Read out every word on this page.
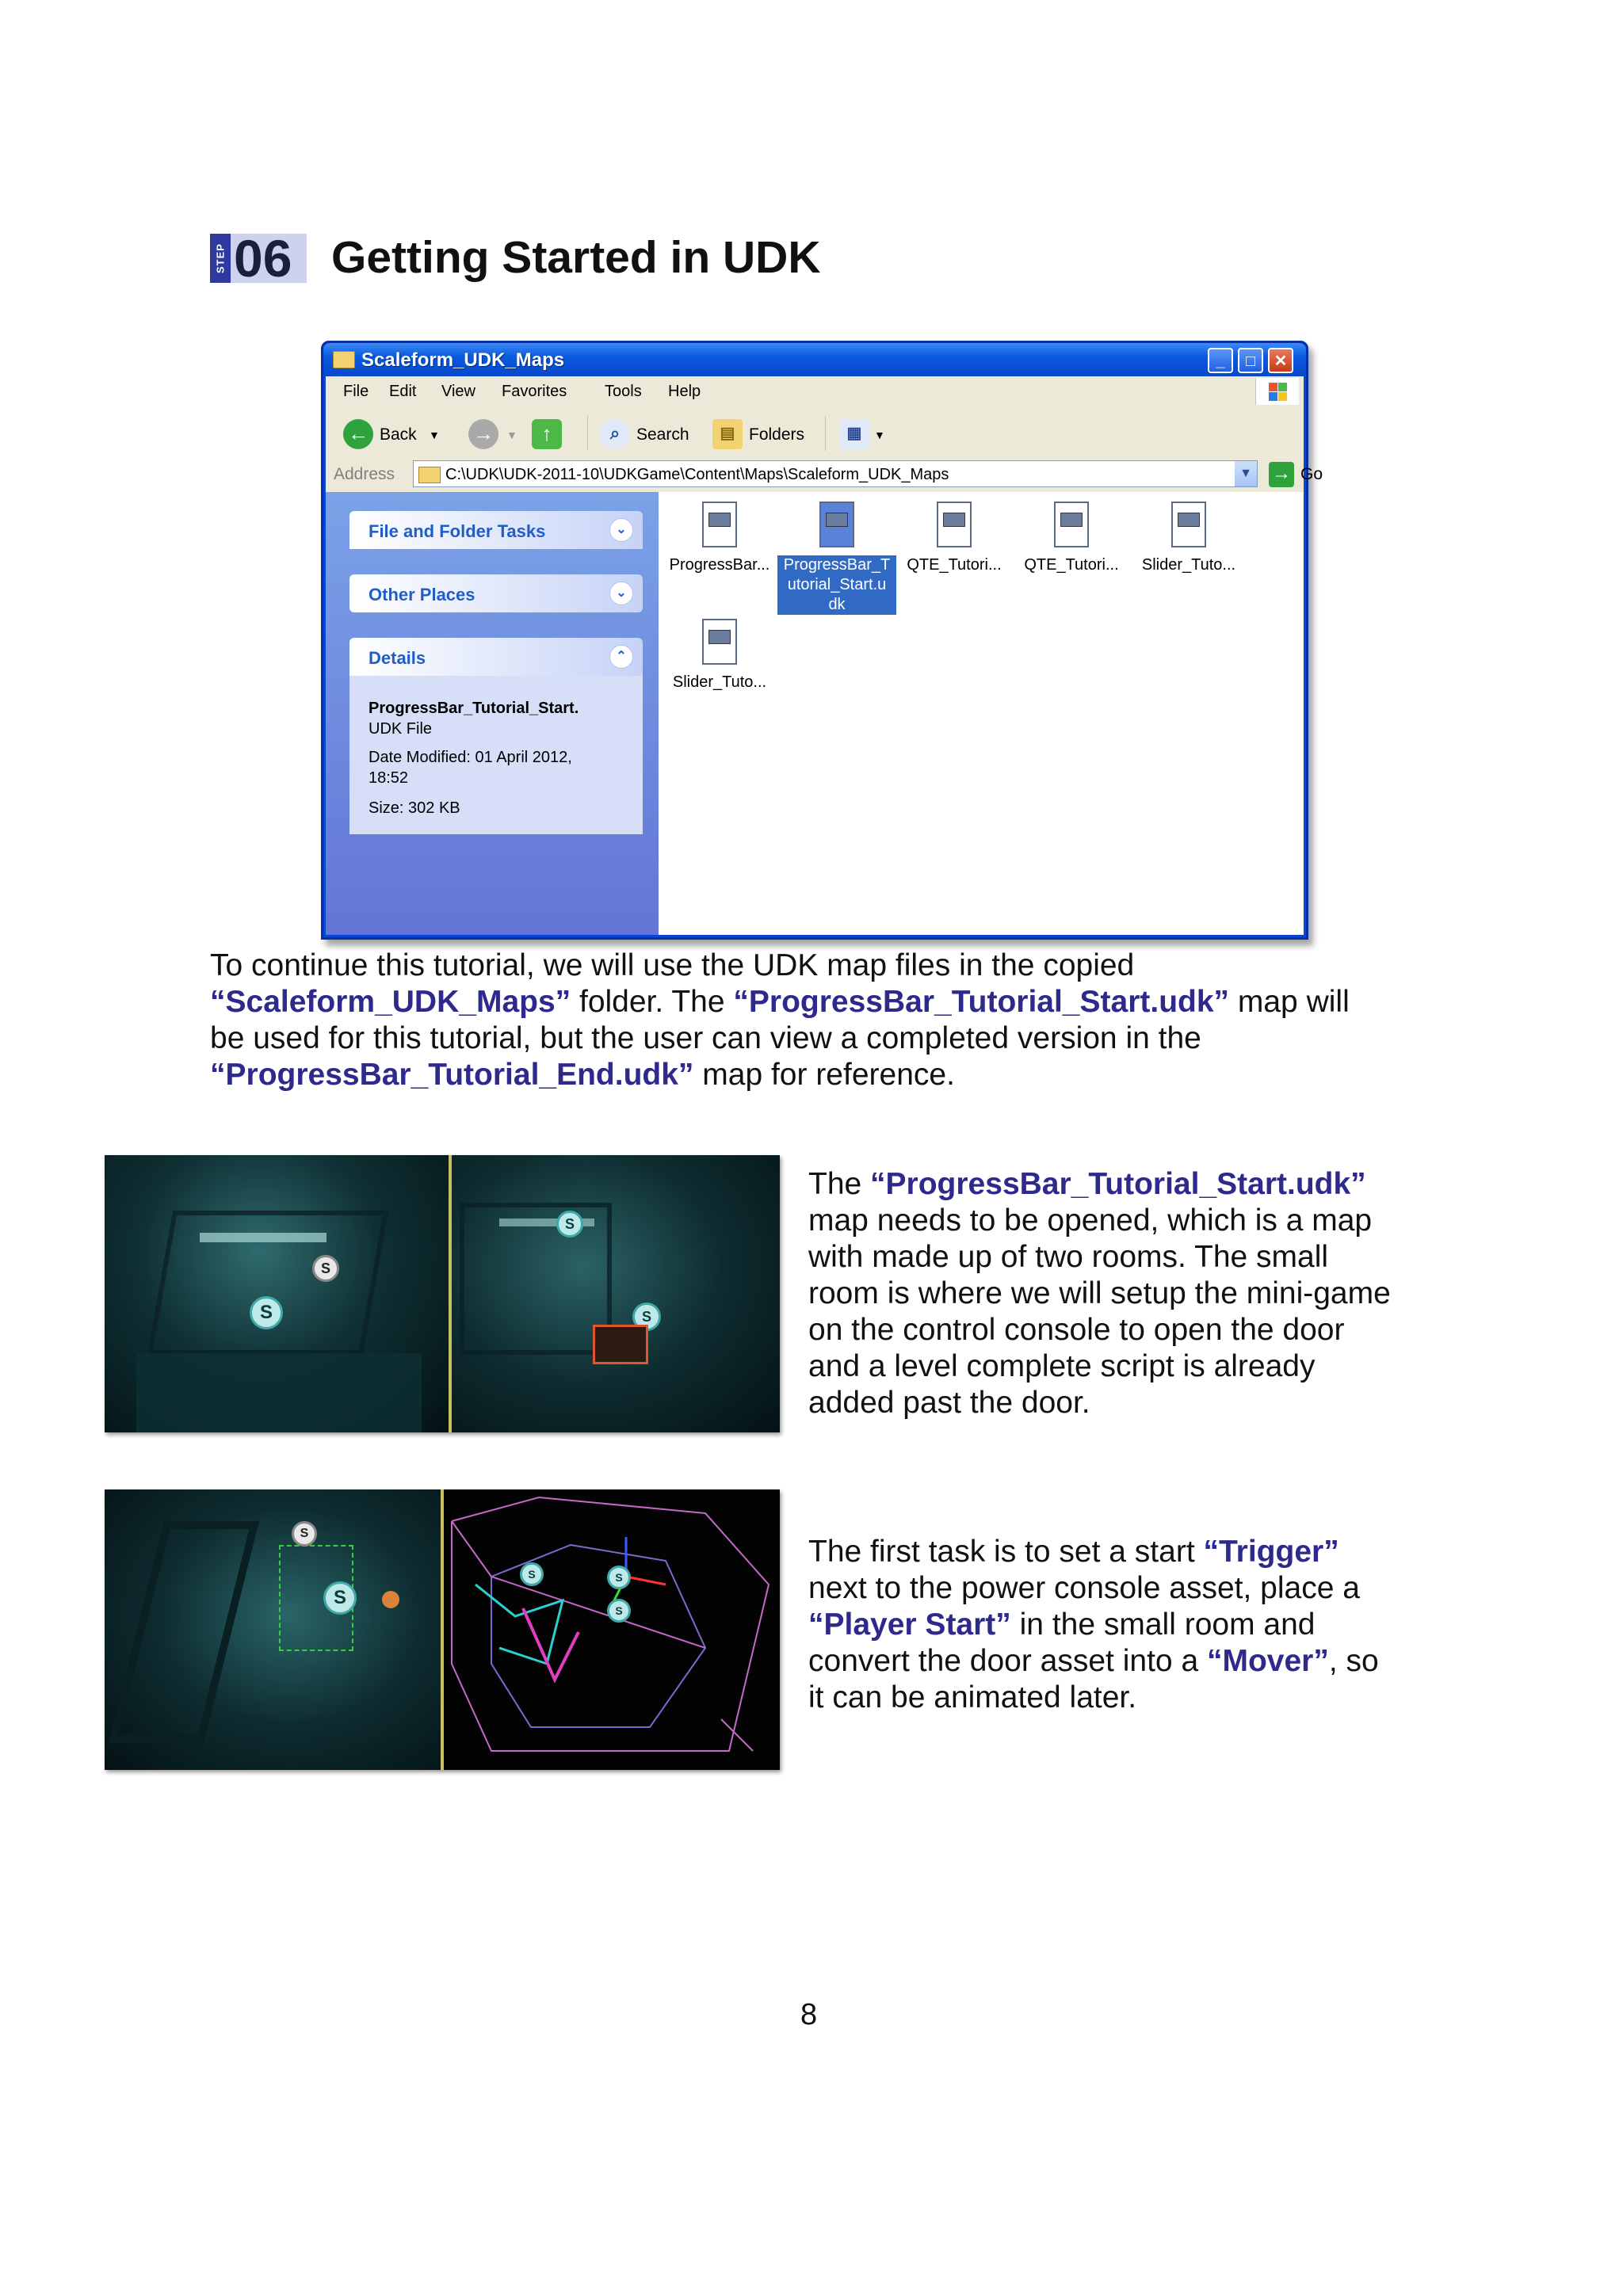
STEP 06 Getting Started in UDK
Scaleform_UDK_Maps	_	□	✕
File Edit View Favorites Tools Help
← Back ▼ →	▼	↑	⌕ Search	▤ Folders	▦	▼
Address	C:\UDK\UDK-2011-10\UDKGame\Content\Maps\Scaleform_UDK_Maps	▼ → Go
File and Folder Tasks	⌄
Other Places	⌄
Details	⌃
ProgressBar_Tutorial_Start.
UDK File
Date Modified: 01 April 2012,
18:52
Size: 302 KB
ProgressBar... ProgressBar_T
utorial_Start.u
dk
QTE_Tutori...	QTE_Tutori...	Slider_Tuto...
Slider_Tuto...
To continue this tutorial, we will use the UDK map files in the copied
“Scaleform_UDK_Maps” folder. The “ProgressBar_Tutorial_Start.udk” map will
be used for this tutorial, but the user can view a completed version in the
“ProgressBar_Tutorial_End.udk” map for reference.
S
S
S
S
The “ProgressBar_Tutorial_Start.udk”
map needs to be opened, which is a map
with made up of two rooms. The small
room is where we will setup the mini-game
on the control console to open the door
and a level complete script is already
added past the door.
S
S
S	S
S
The first task is to set a start “Trigger”
next to the power console asset, place a
“Player Start” in the small room and
convert the door asset into a “Mover”, so
it can be animated later.
8
